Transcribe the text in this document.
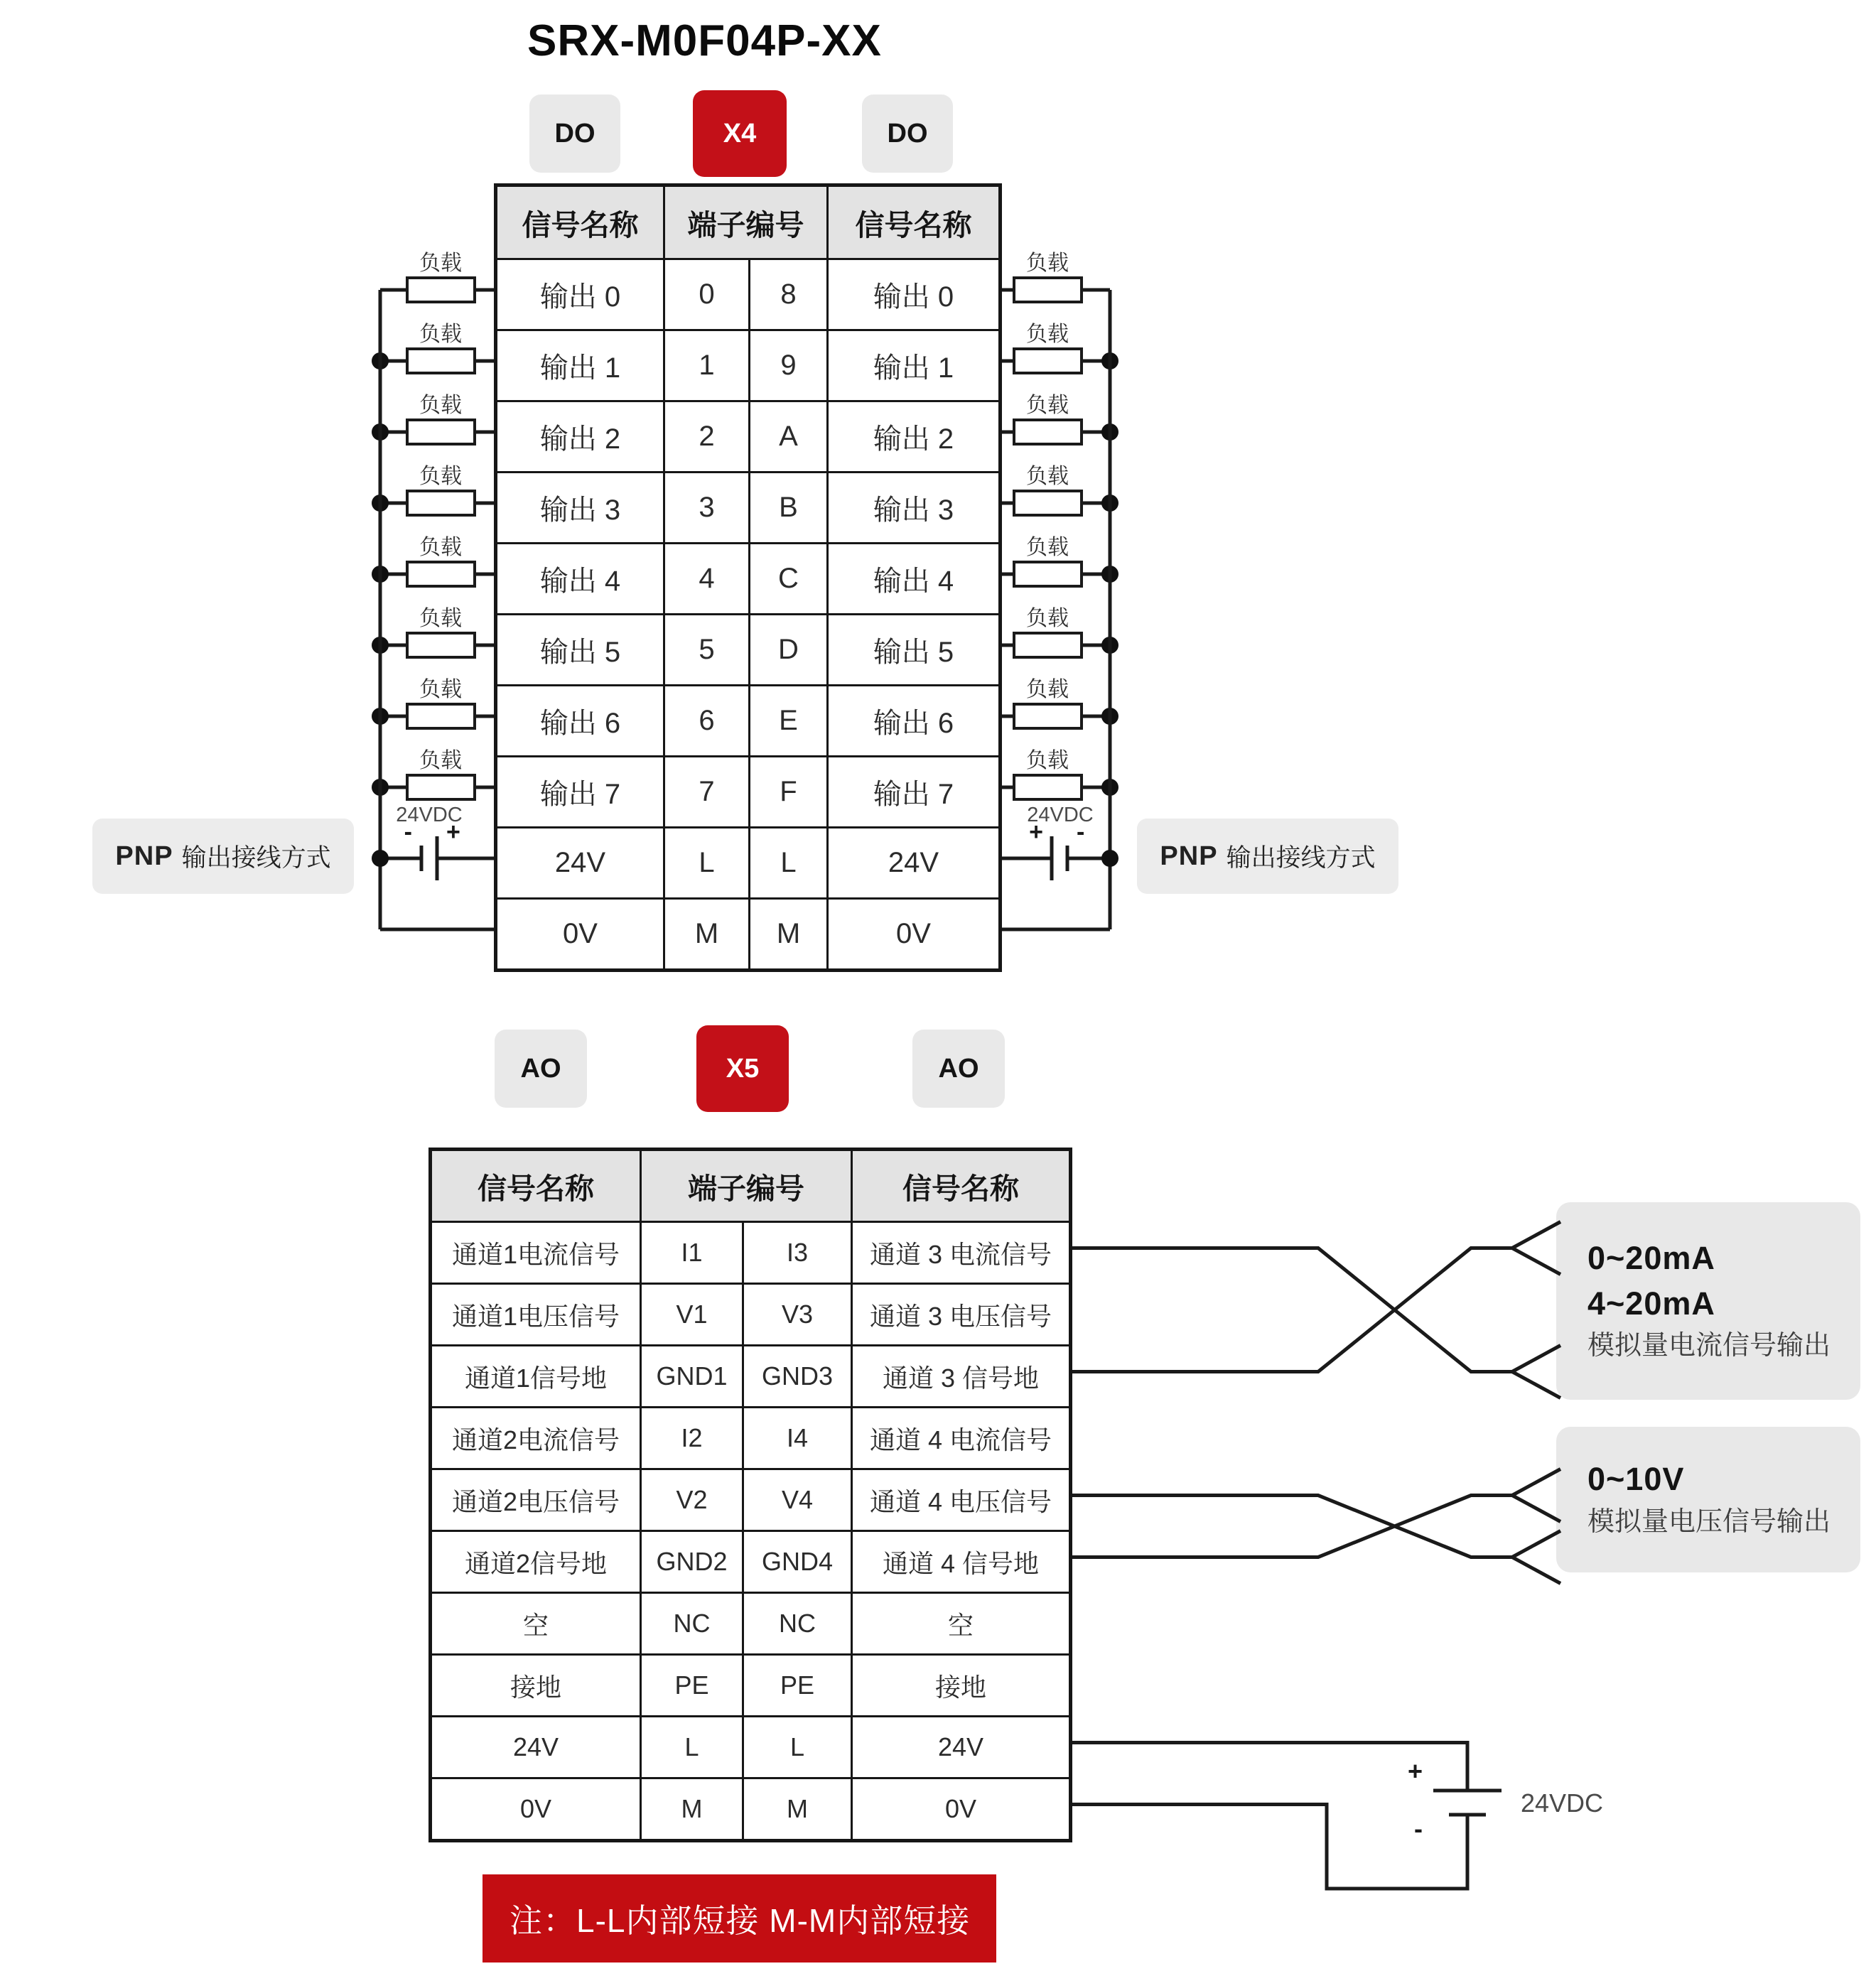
SRX-M0F04P-XX
DO	X4	DO
信号名称	端子编号	信号名称
输出 0	0	8	输出 0
输出 1	1	9	输出 1
输出 2	2	A	输出 2
输出 3	3	B	输出 3
输出 4	4	C	输出 4
输出 5	5	D	输出 5
输出 6	6	E	输出 6
输出 7	7	F	输出 7
24V	L	L	24V
0V	M	M	0V
PNP 输出接线方式	PNP 输出接线方式
AO	X5	AO
信号名称	端子编号	信号名称
通道1电流信号	I1	I3	通道 3 电流信号
通道1电压信号	V1	V3	通道 3 电压信号
通道1信号地	GND1	GND3	通道 3 信号地
通道2电流信号	I2	I4	通道 4 电流信号
通道2电压信号	V2	V4	通道 4 电压信号
通道2信号地	GND2	GND4	通道 4 信号地
空	NC	NC	空
接地	PE	PE	接地
24V	L	L	24V
0V	M	M	0V
0~20mA
4~20mA
模拟量电流信号输出
0~10V
模拟量电压信号输出
注：L-L内部短接 M-M内部短接
负载	负载
负载	负载
负载	负载
负载	负载
负载	负载
负载	负载
负载	负载
负载	负载
- +
24VDC
+ -
24VDC
+
-
24VDC
